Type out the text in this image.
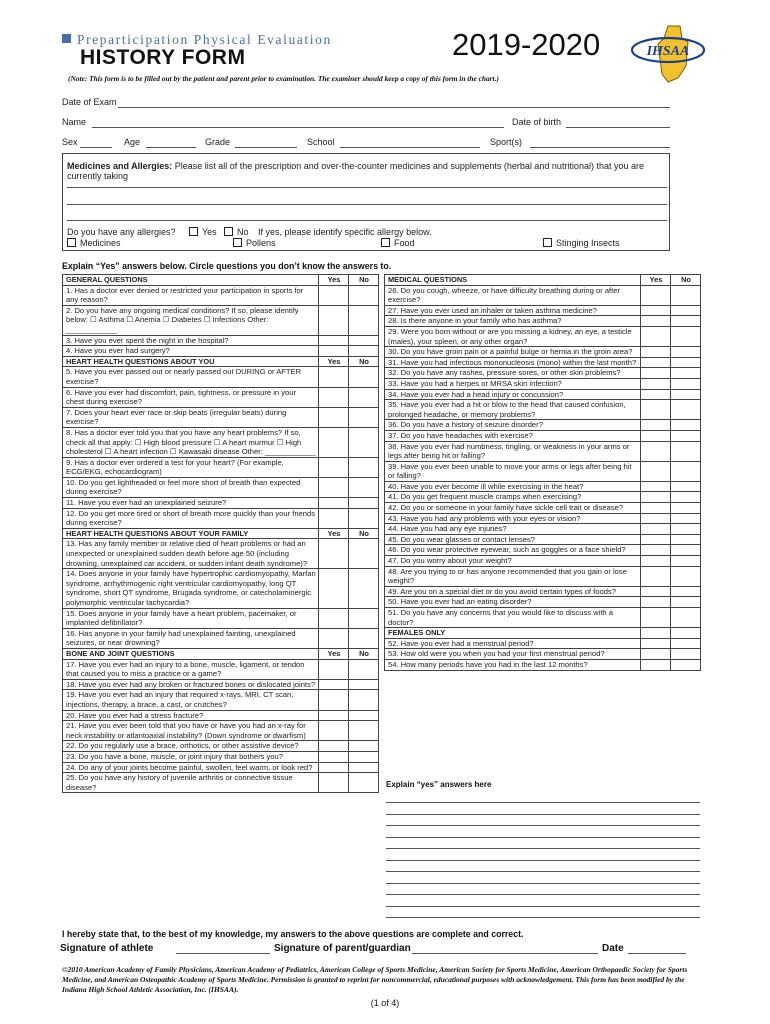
Preparticipation Physical Evaluation
HISTORY FORM	2019-2020	IHSAA
(Note: This form is to be filled out by the patient and parent prior to examination. The examiner should keep a copy of this form in the chart.)
Date of Exam
Name	Date of birth
Sex	Age	Grade	School	Sport(s)
Medicines and Allergies: Please list all of the prescription and over-the-counter medicines and supplements (herbal and nutritional) that you are currently taking
Do you have any allergies?	Yes	No If yes, please identify specific allergy below.
Medicines	Pollens	Food	Stinging Insects
Explain “Yes” answers below. Circle questions you don’t know the answers to.
GENERAL QUESTIONS	Yes	No
1. Has a doctor ever denied or restricted your participation in sports for any reason?		
2. Do you have any ongoing medical conditions? If so, please identify below: ☐ Asthma ☐ Anemia ☐ Diabetes ☐ Infections Other: ____________		
3. Have you ever spent the night in the hospital?		
4. Have you ever had surgery?		
HEART HEALTH QUESTIONS ABOUT YOU	Yes	No
5. Have you ever passed out or nearly passed out DURING or AFTER exercise?		
6. Have you ever had discomfort, pain, tightness, or pressure in your chest during exercise?		
7. Does your heart ever race or skip beats (irregular beats) during exercise?		
8. Has a doctor ever told you that you have any heart problems? If so, check all that apply: ☐ High blood pressure ☐ A heart murmur ☐ High cholesterol ☐ A heart infection ☐ Kawasaki disease Other: ____________		
9. Has a doctor ever ordered a test for your heart? (For example, ECG/EKG, echocardiogram)		
10. Do you get lightheaded or feel more short of breath than expected during exercise?		
11. Have you ever had an unexplained seizure?		
12. Do you get more tired or short of breath more quickly than your friends during exercise?		
HEART HEALTH QUESTIONS ABOUT YOUR FAMILY	Yes	No
13. Has any family member or relative died of heart problems or had an unexpected or unexplained sudden death before age 50 (including drowning, unexplained car accident, or sudden infant death syndrome)?		
14. Does anyone in your family have hypertrophic cardiomyopathy, Marfan syndrome, arrhythmogenic right ventricular cardiomyopathy, long QT syndrome, short QT syndrome, Brugada syndrome, or catecholaminergic polymorphic ventricular tachycardia?		
15. Does anyone in your family have a heart problem, pacemaker, or implanted defibrillator?		
16. Has anyone in your family had unexplained fainting, unexplained seizures, or near drowning?		
BONE AND JOINT QUESTIONS	Yes	No
17. Have you ever had an injury to a bone, muscle, ligament, or tendon that caused you to miss a practice or a game?		
18. Have you ever had any broken or fractured bones or dislocated joints?		
19. Have you ever had an injury that required x-rays, MRI, CT scan, injections, therapy, a brace, a cast, or crutches?		
20. Have you ever had a stress fracture?		
21. Have you ever been told that you have or have you had an x-ray for neck instability or atlantoaxial instability? (Down syndrome or dwarfism)		
22. Do you regularly use a brace, orthotics, or other assistive device?		
23. Do you have a bone, muscle, or joint injury that bothers you?		
24. Do any of your joints become painful, swollen, feel warm, or look red?		
25. Do you have any history of juvenile arthritis or connective tissue disease?		
MEDICAL QUESTIONS	Yes	No
26. Do you cough, wheeze, or have difficulty breathing during or after exercise?		
27. Have you ever used an inhaler or taken asthma medicine?		
28. Is there anyone in your family who has asthma?		
29. Were you born without or are you missing a kidney, an eye, a testicle (males), your spleen, or any other organ?		
30. Do you have groin pain or a painful bulge or hernia in the groin area?		
31. Have you had infectious mononucleosis (mono) within the last month?		
32. Do you have any rashes, pressure sores, or other skin problems?		
33. Have you had a herpes or MRSA skin infection?		
34. Have you ever had a head injury or concussion?		
35. Have you ever had a hit or blow to the head that caused confusion, prolonged headache, or memory problems?		
36. Do you have a history of seizure disorder?		
37. Do you have headaches with exercise?		
38. Have you ever had numbness, tingling, or weakness in your arms or legs after being hit or falling?		
39. Have you ever been unable to move your arms or legs after being hit or falling?		
40. Have you ever become ill while exercising in the heat?		
41. Do you get frequent muscle cramps when exercising?		
42. Do you or someone in your family have sickle cell trait or disease?		
43. Have you had any problems with your eyes or vision?		
44. Have you had any eye injuries?		
45. Do you wear glasses or contact lenses?		
46. Do you wear protective eyewear, such as goggles or a face shield?		
47. Do you worry about your weight?		
48. Are you trying to or has anyone recommended that you gain or lose weight?		
49. Are you on a special diet or do you avoid certain types of foods?		
50. Have you ever had an eating disorder?		
51. Do you have any concerns that you would like to discuss with a doctor?		
FEMALES ONLY		
52. Have you ever had a menstrual period?		
53. How old were you when you had your first menstrual period?		
54. How many periods have you had in the last 12 months?		
Explain “yes” answers here
I hereby state that, to the best of my knowledge, my answers to the above questions are complete and correct.
Signature of athlete	Signature of parent/guardian	Date
©2010 American Academy of Family Physicians, American Academy of Pediatrics, American College of Sports Medicine, American Society for Sports Medicine, American Orthopaedic Society for Sports Medicine, and American Osteopathic Academy of Sports Medicine. Permission is granted to reprint for noncommercial, educational purposes with acknowledgement. This form has been modified by the Indiana High School Athletic Association, Inc. (IHSAA).
(1 of 4)
